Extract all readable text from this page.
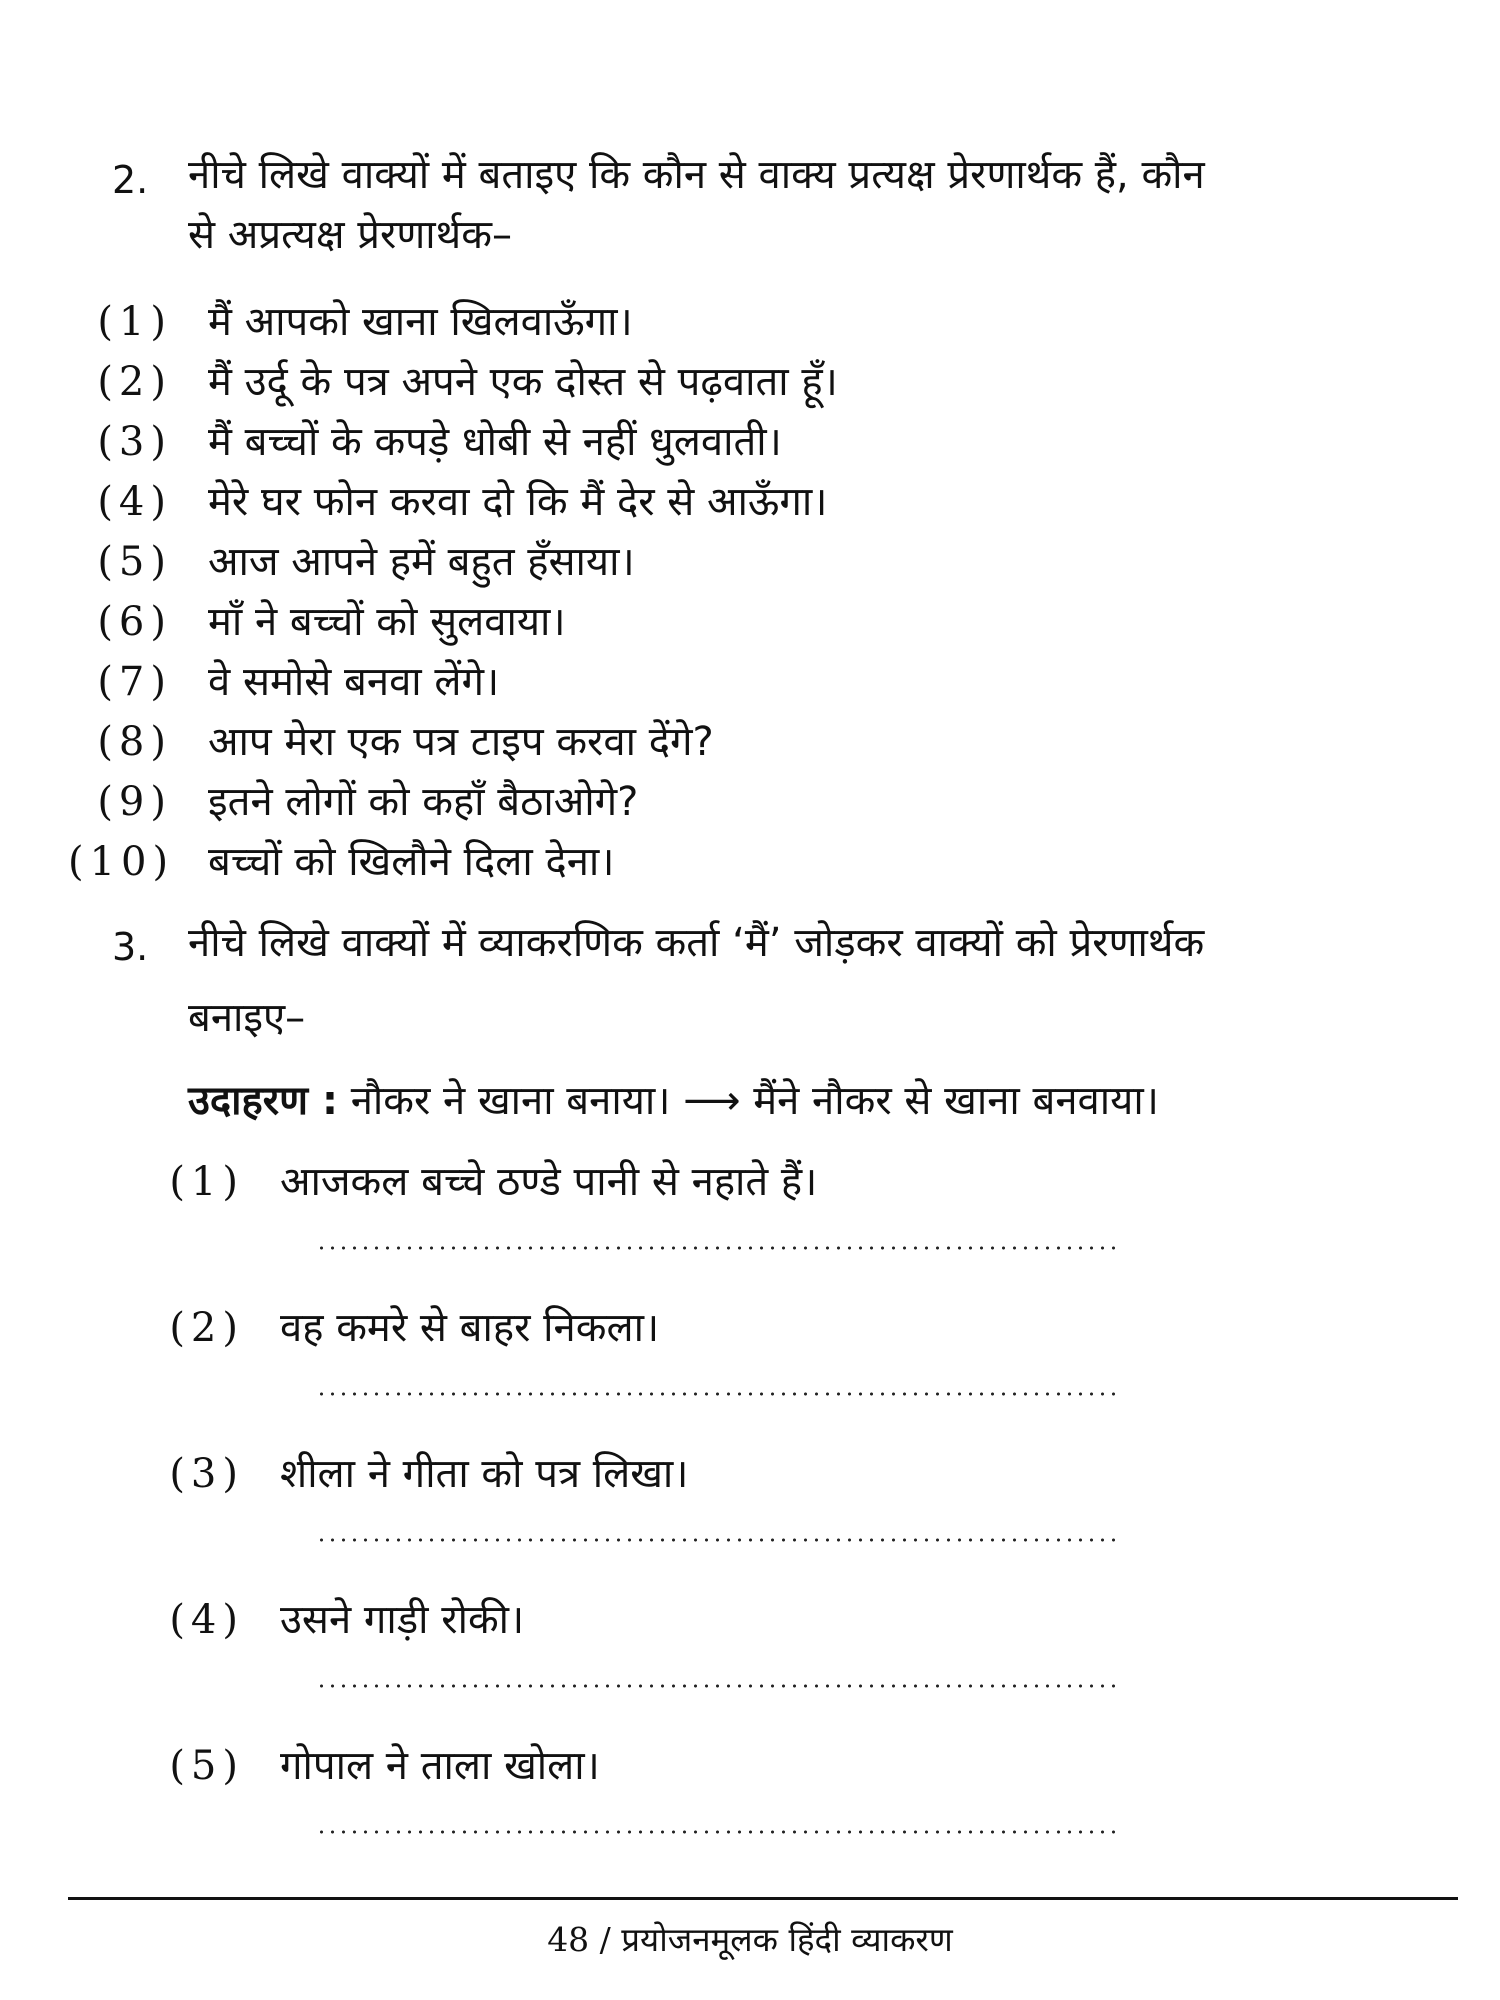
2. नीचे लिखे वाक्यों में बताइए कि कौन से वाक्य प्रत्यक्ष प्रेरणार्थक हैं, कौन
से अप्रत्यक्ष प्रेरणार्थक–
(1) मैं आपको खाना खिलवाऊँगा।
(2) मैं उर्दू के पत्र अपने एक दोस्त से पढ़वाता हूँ।
(3) मैं बच्चों के कपड़े धोबी से नहीं धुलवाती।
(4) मेरे घर फोन करवा दो कि मैं देर से आऊँगा।
(5) आज आपने हमें बहुत हँसाया।
(6) माँ ने बच्चों को सुलवाया।
(7) वे समोसे बनवा लेंगे।
(8) आप मेरा एक पत्र टाइप करवा देंगे?
(9) इतने लोगों को कहाँ बैठाओगे?
(10) बच्चों को खिलौने दिला देना।
3. नीचे लिखे वाक्यों में व्याकरणिक कर्ता ‘मैं’ जोड़कर वाक्यों को प्रेरणार्थक
बनाइए–
उदाहरण : नौकर ने खाना बनाया। ⟶ मैंने नौकर से खाना बनवाया।
(1) आजकल बच्चे ठण्डे पानी से नहाते हैं।
(2) वह कमरे से बाहर निकला।
(3) शीला ने गीता को पत्र लिखा।
(4) उसने गाड़ी रोकी।
(5) गोपाल ने ताला खोला।
48 / प्रयोजनमूलक हिंदी व्याकरण
